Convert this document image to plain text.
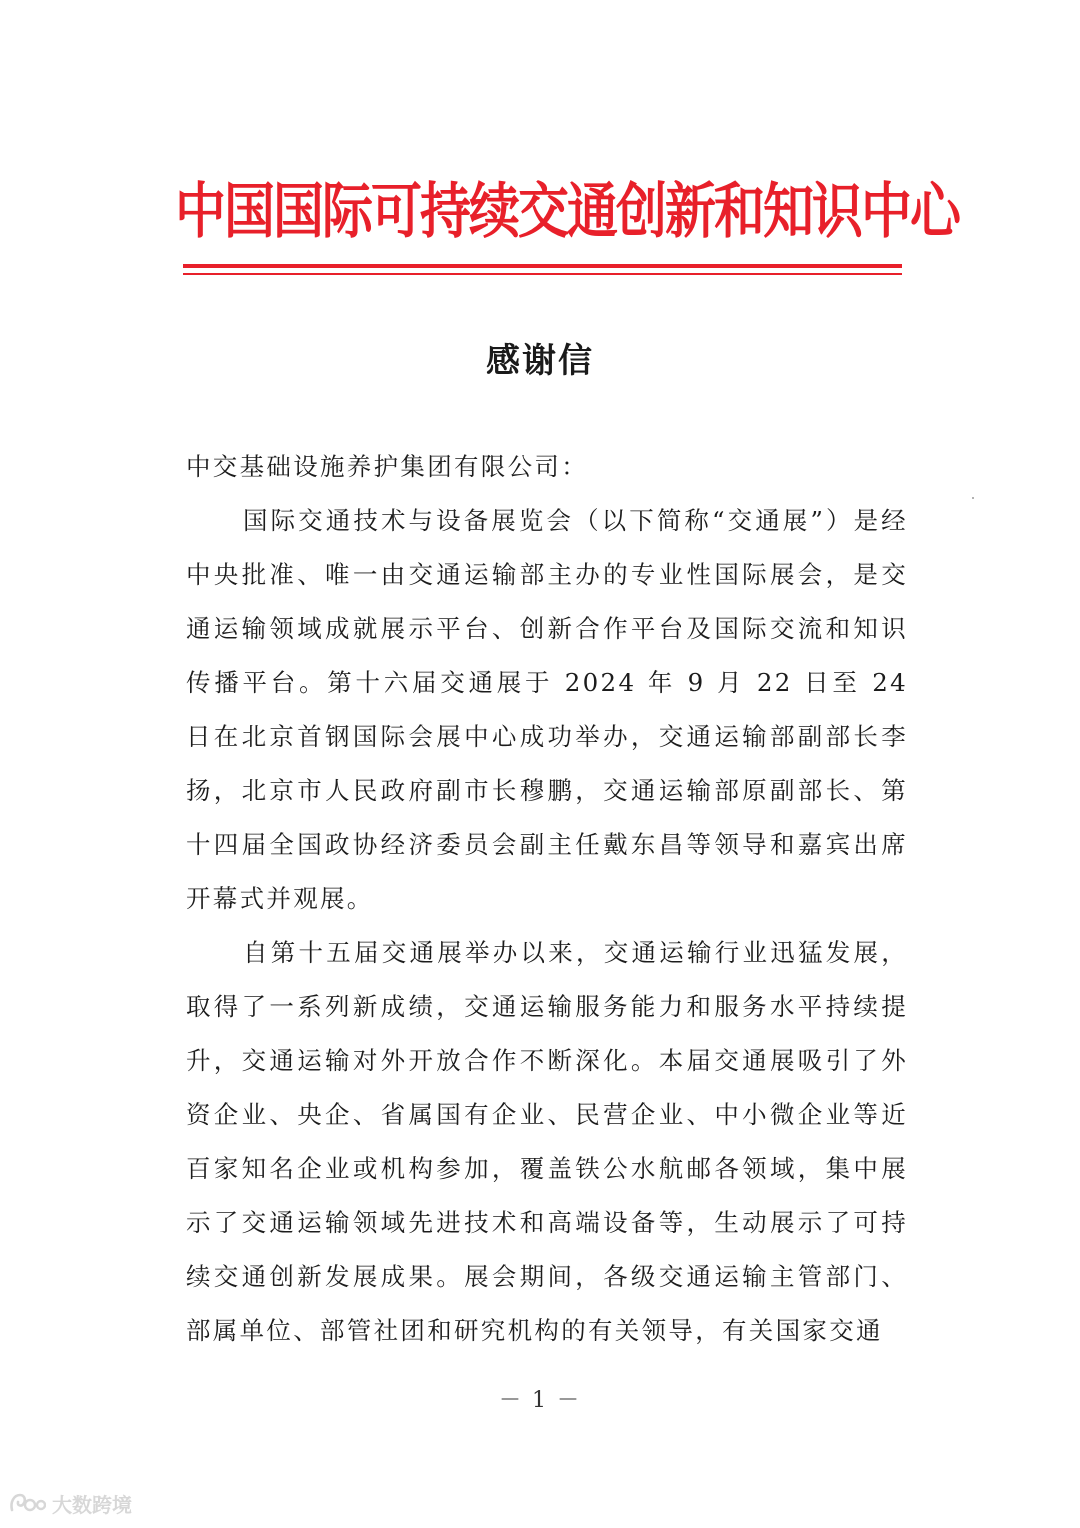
中国国际可持续交通创新和知识中心
感谢信

中交基础设施养护集团有限公司：

国际交通技术与设备展览会（以下简称“交通展”）是经中央批准、唯一由交通运输部主办的专业性国际展会，是交通运输领域成就展示平台、创新合作平台及国际交流和知识传播平台。第十六届交通展于 2024 年 9 月 22 日至 24 日在北京首钢国际会展中心成功举办，交通运输部副部长李扬，北京市人民政府副市长穆鹏，交通运输部原副部长、第十四届全国政协经济委员会副主任戴东昌等领导和嘉宾出席开幕式并观展。

自第十五届交通展举办以来，交通运输行业迅猛发展，取得了一系列新成绩，交通运输服务能力和服务水平持续提升，交通运输对外开放合作不断深化。本届交通展吸引了外资企业、央企、省属国有企业、民营企业、中小微企业等近百家知名企业或机构参加，覆盖铁公水航邮各领域，集中展示了交通运输领域先进技术和高端设备等，生动展示了可持续交通创新发展成果。展会期间，各级交通运输主管部门、部属单位、部管社团和研究机构的有关领导，有关国家交通

－ 1 －
大数跨境
